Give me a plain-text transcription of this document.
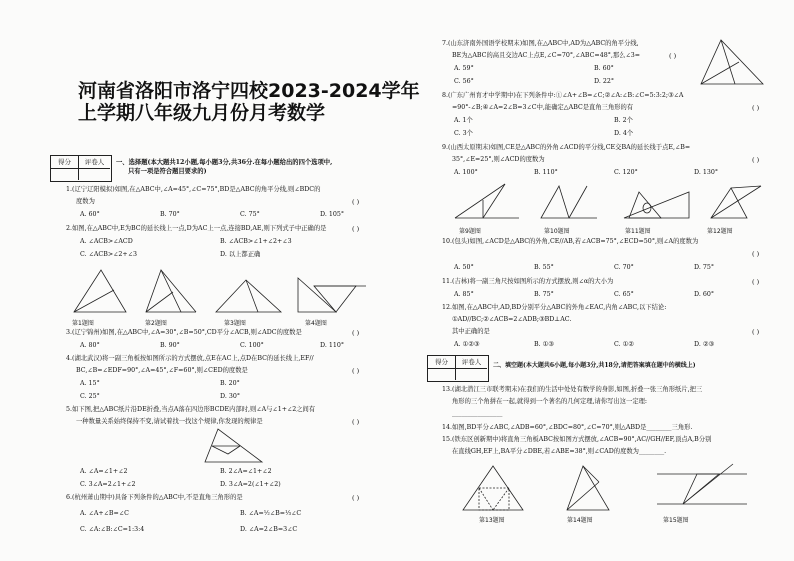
河南省洛阳市洛宁四校2023-2024学年
上学期八年级九月份月考数学
得分	评卷人	一、选择题(本大题共12小题,每小题3分,共36分.在每小题给出的四个选项中,
只有一项是符合题目要求的)
1.(辽宁辽阳模拟)如图,在△ABC中,∠A=45°,∠C=75°,BD是△ABC的角平分线,则∠BDC的
度数为	( )
A. 60°	B. 70°	C. 75°	D. 105°
2.如图,在△ABC中,E为BC的延长线上一点,D为AC上一点,连接BD,AE,则下列式子中正确的是	( )
A. ∠ACB>∠ACD	B. ∠ACB>∠1+∠2+∠3
C. ∠ACB>∠2+∠3	D. 以上都正确
第1题图	第2题图	第3题图	第4题图
3.(辽宁锦州)如图,在△ABC中,∠A=30°,∠B=50°,CD平分∠ACB,则∠ADC的度数是	( )
A. 80°	B. 90°	C. 100°	D. 110°
4.(湖北武汉)将一副三角板按如图所示的方式摆放,点E在AC上,点D在BC的延长线上,EF//
BC,∠B=∠EDF=90°,∠A=45°,∠F=60°,则∠CED的度数是	( )
A. 15°	B. 20°
C. 25°	D. 30°
5.如下图,把△ABC纸片沿DE折叠,当点A落在四边形BCDE内部时,则∠A与∠1+∠2之间有
一种数量关系始终保持不变,请试着找一找这个规律,你发现的规律是	( )
A. ∠A=∠1+∠2	B. 2∠A=∠1+∠2
C. 3∠A=2∠1+∠2	D. 3∠A=2(∠1+∠2)
6.(杭州萧山期中)具备下列条件的△ABC中,不是直角三角形的是	( )
A. ∠A+∠B=∠C	B. ∠A=½∠B=⅓∠C
C. ∠A:∠B:∠C=1:3:4	D. ∠A=2∠B=3∠C
7.(山东济南外国语学校期末)如图,在△ABC中,AD为△ABC的角平分线,
BE为△ABC的高且交边AC上点E,∠C=70°,∠ABC=48°,那么∠3=	( )
A. 59°	B. 60°
C. 56°	D. 22°
8.(广东广州育才中学期中)在下列条件中:①∠A+∠B=∠C;②∠A:∠B:∠C=5:3:2;③∠A
=90°-∠B;④∠A=2∠B=3∠C中,能确定△ABC是直角三角形的有	( )
A. 1个	B. 2个
C. 3个	D. 4个
9.(山西太原期末)如图,CE是△ABC的外角∠ACD的平分线,CE交BA的延长线于点E,∠B=
35°,∠E=25°,则∠ACD的度数为	( )
A. 100°	B. 110°	C. 120°	D. 130°
第9题图	第10题图	第11题图	第12题图
10.(包头)如图,∠ACD是△ABC的外角,CE//AB,若∠ACB=75°,∠ECD=50°,则∠A的度数为
( )
A. 50°	B. 55°	C. 70°	D. 75°
11.(吉林)将一副三角尺按如图所示的方式摆放,则∠α的大小为	( )
A. 85°	B. 75°	C. 65°	D. 60°
12.如图,在△ABC中,AD,BD分别平分△ABC的外角∠EAC,内角∠ABC,以下结论:
①AD//BC;②∠ACB=2∠ADB;③BD⊥AC.
其中正确的是	( )
A. ①②③	B. ①③	C. ①②	D. ②③
得分	评卷人	二、填空题(本大题共6小题,每小题3分,共18分,请把答案填在题中的横线上)
13.(湖北潜江三市联考期末)在我们的生活中处处有数学的身影,如图,折叠一张三角形纸片,把三
角形的三个角拼在一起,就得到一个著名的几何定理,请你写出这一定理:
________________
14.如图,BD平分∠ABC,∠ADB=60°,∠BDC=80°,∠C=70°,则△ABD是________三角形.
15.(铁东区创新期中)将直角三角板ABC按如图方式摆放,∠ACB=90°,AC//GH//EF,顶点A,B分别
在直线GH,EF上,BA平分∠DBE,若∠ABE=38°,则∠CAD的度数为________.
第13题图	第14题图	第15题图
